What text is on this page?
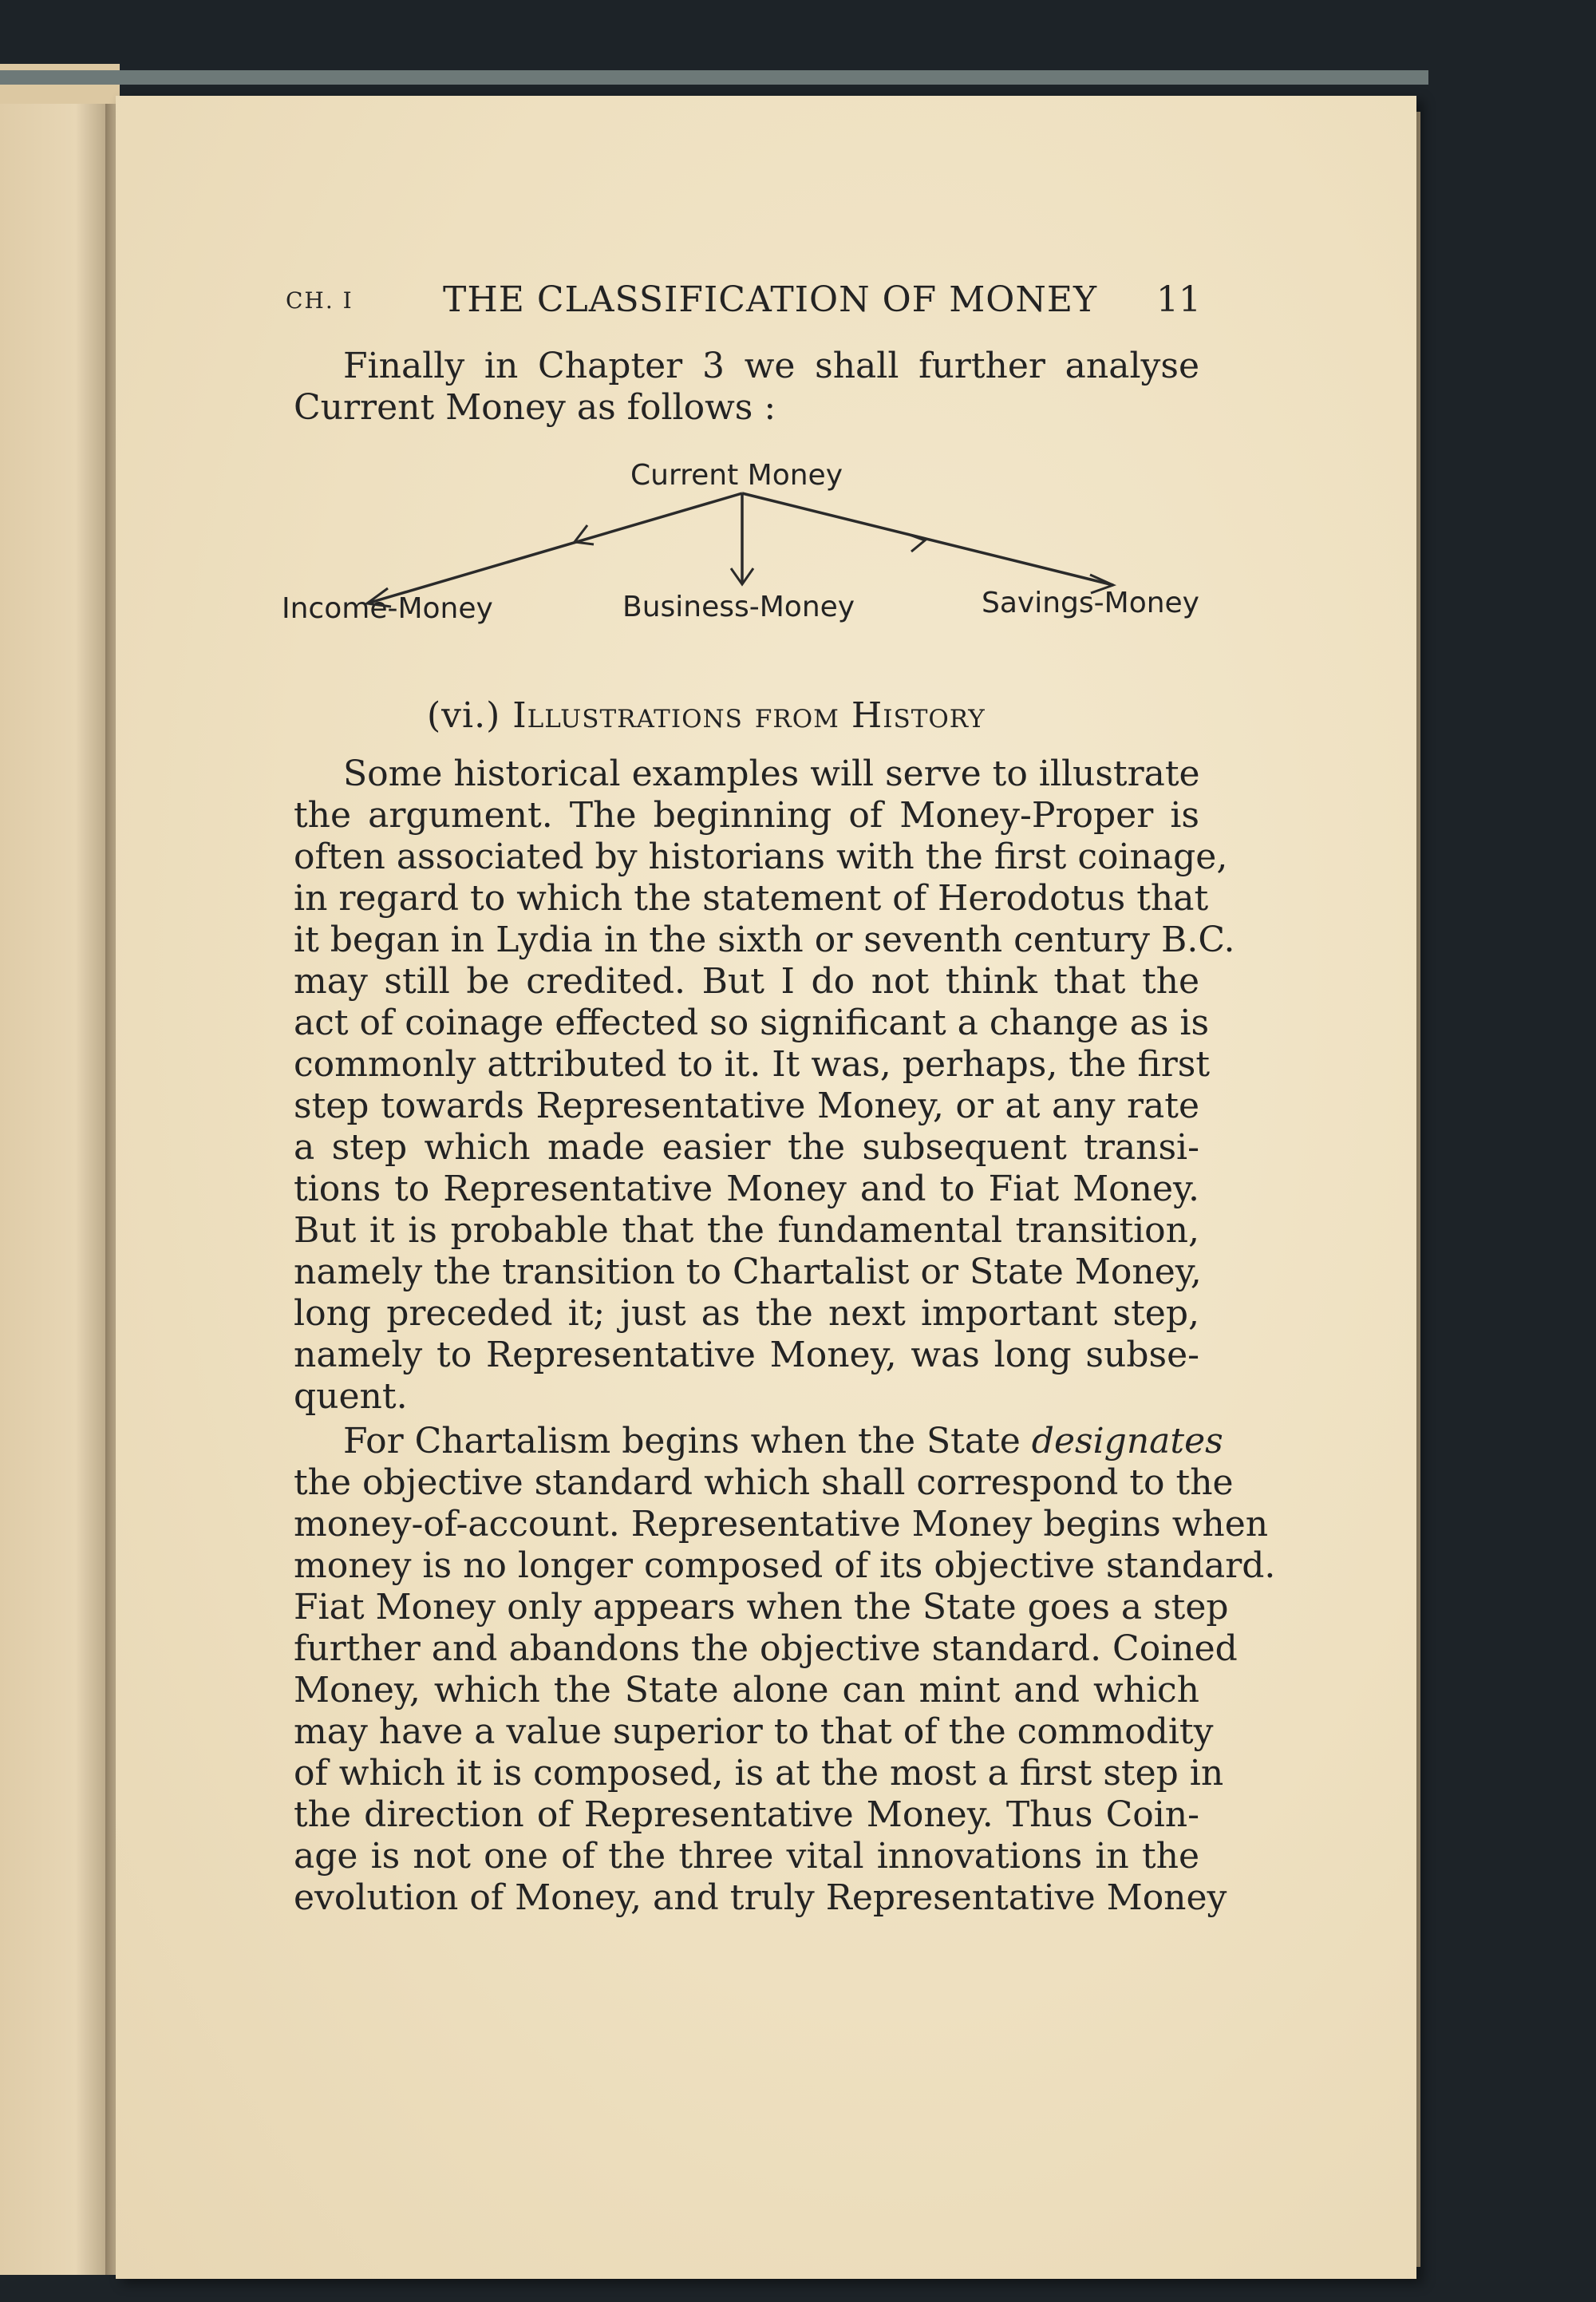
CH. I	THE CLASSIFICATION OF MONEY 11
Finally in Chapter 3 we shall further analyse
Current Money as follows :
Current Money
Income-Money	Business-Money	Savings-Money
(vi.) Illustrations from History
Some historical examples will serve to illustrate
the argument. The beginning of Money-Proper is
often associated by historians with the first coinage,
in regard to which the statement of Herodotus that
it began in Lydia in the sixth or seventh century B.C.
may still be credited. But I do not think that the
act of coinage effected so significant a change as is
commonly attributed to it. It was, perhaps, the first
step towards Representative Money, or at any rate
a step which made easier the subsequent transi-
tions to Representative Money and to Fiat Money.
But it is probable that the fundamental transition,
namely the transition to Chartalist or State Money,
long preceded it; just as the next important step,
namely to Representative Money, was long subse-
quent.
For Chartalism begins when the State designates
the objective standard which shall correspond to the
money-of-account. Representative Money begins when
money is no longer composed of its objective standard.
Fiat Money only appears when the State goes a step
further and abandons the objective standard. Coined
Money, which the State alone can mint and which
may have a value superior to that of the commodity
of which it is composed, is at the most a first step in
the direction of Representative Money. Thus Coin-
age is not one of the three vital innovations in the
evolution of Money, and truly Representative Money
